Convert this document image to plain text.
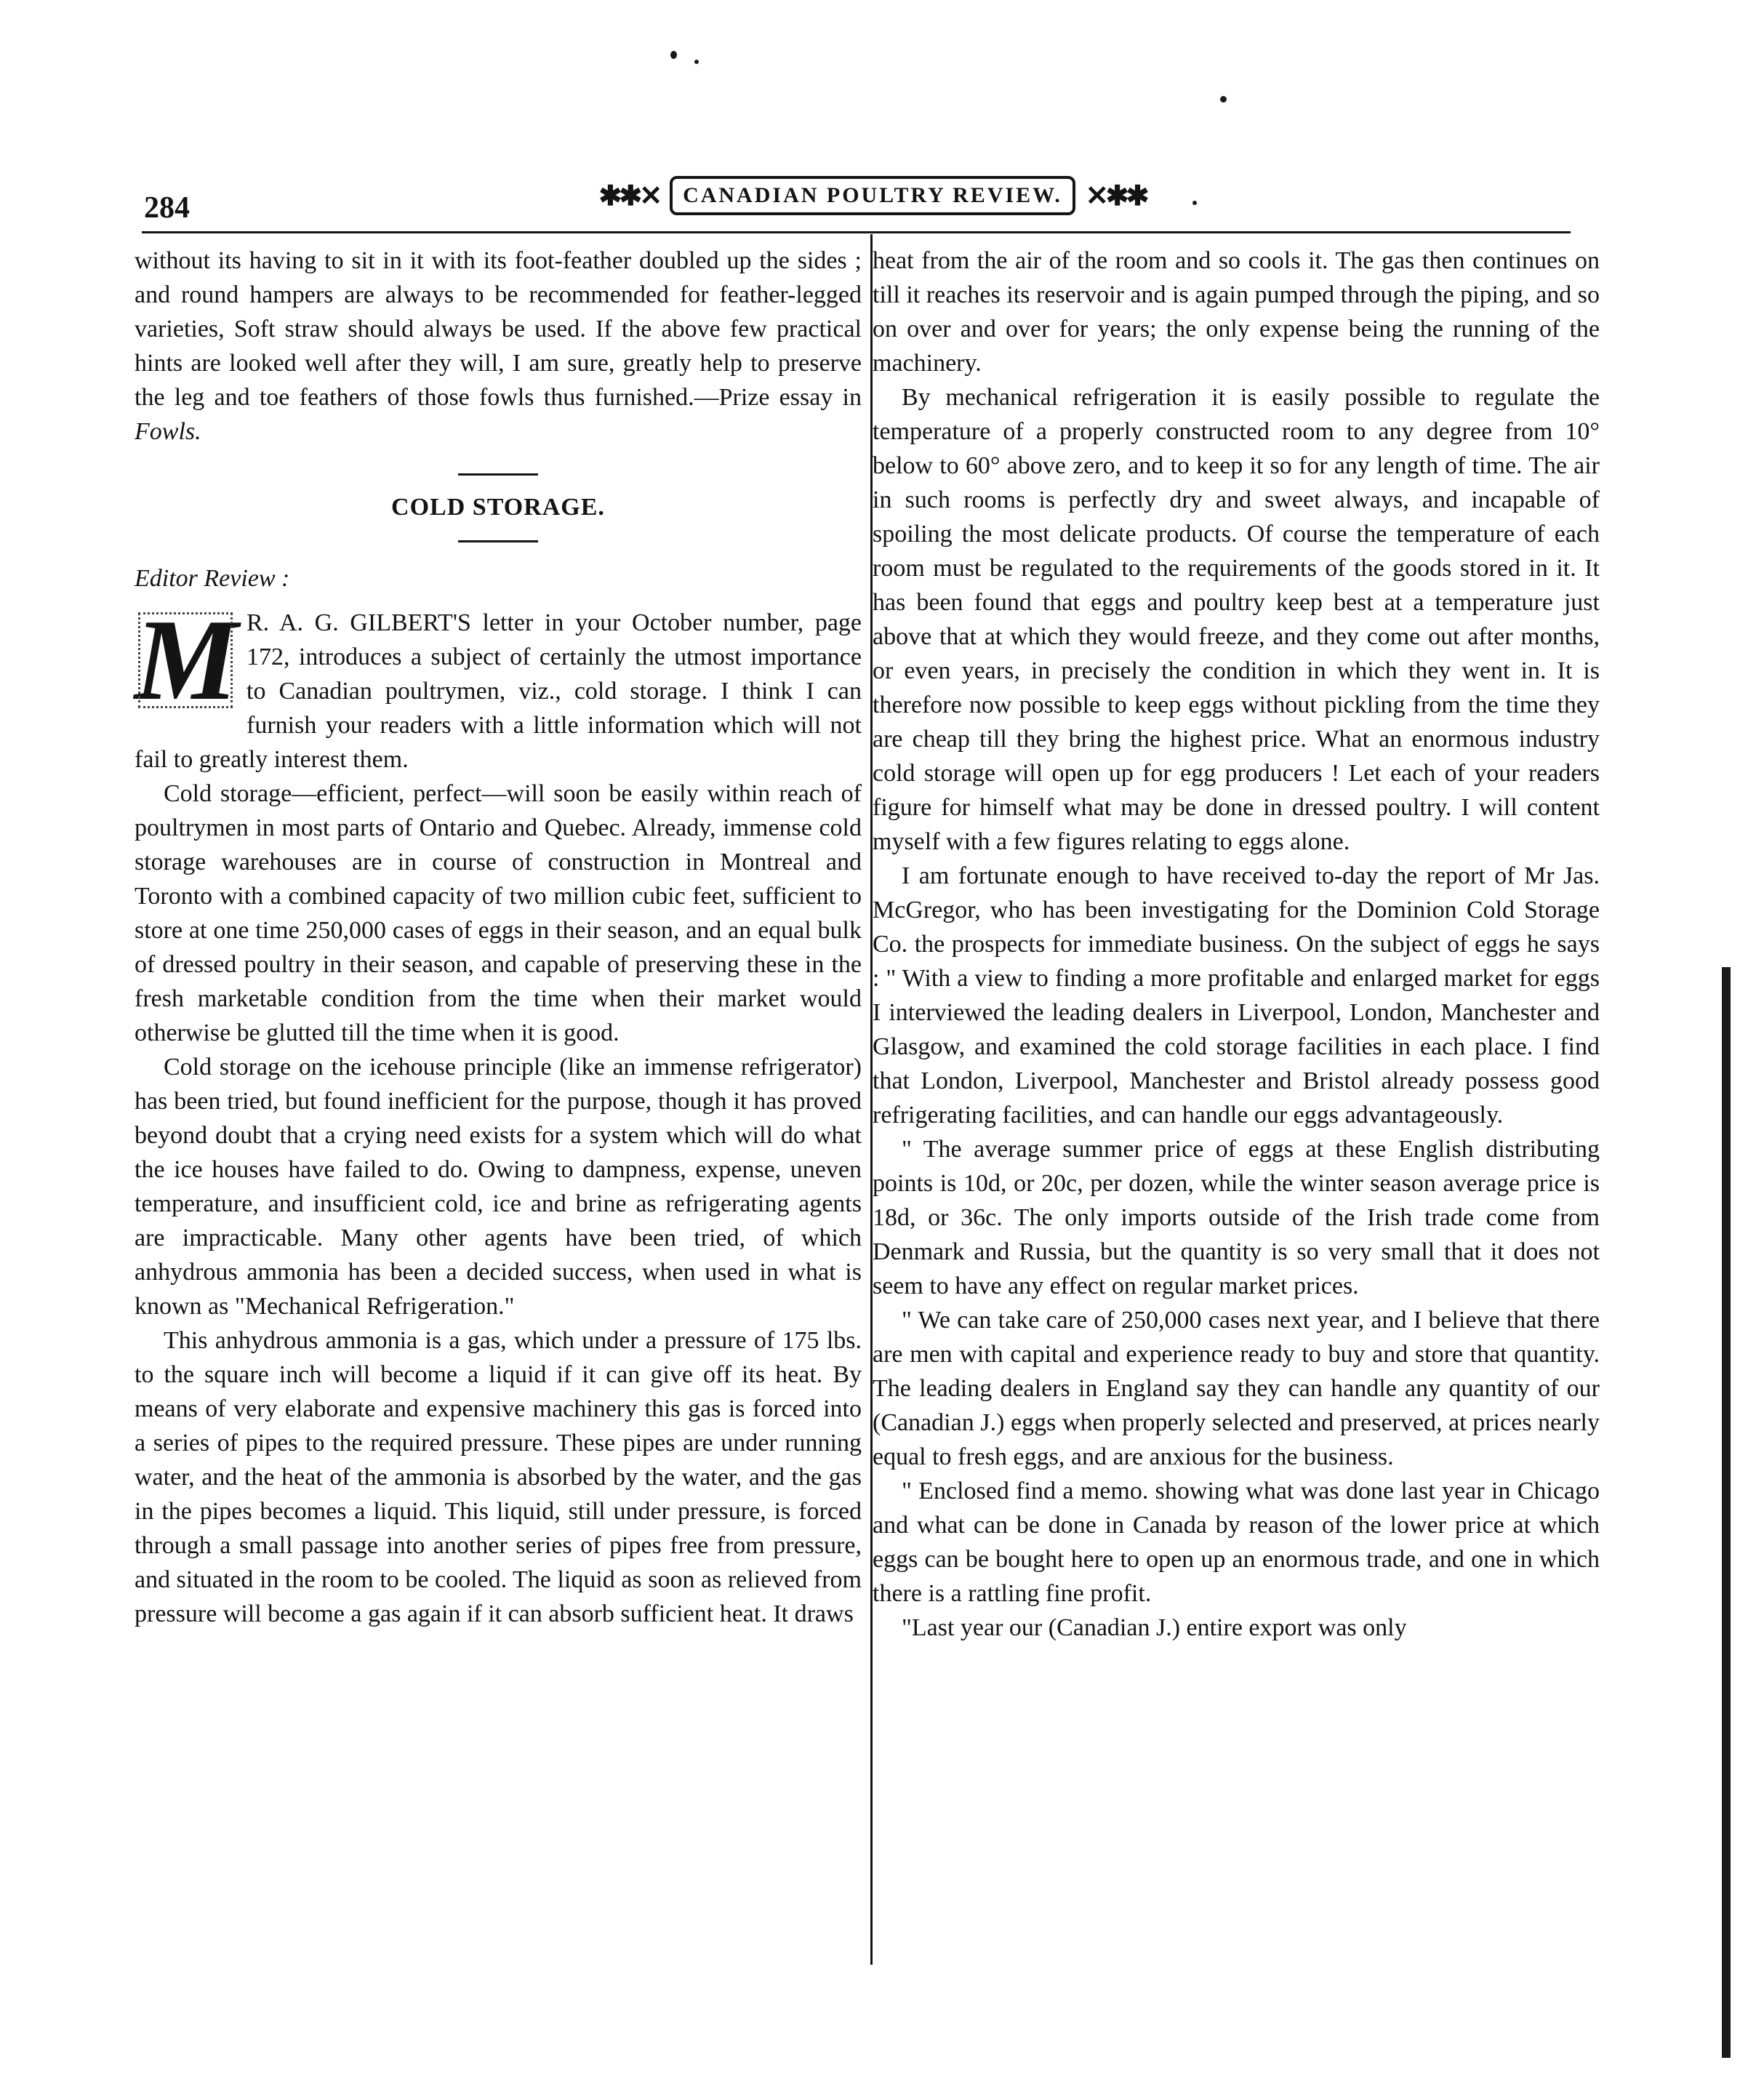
284	✱✱✕	CANADIAN POULTRY REVIEW. ✕✱✱

without its having to sit in it with its foot-feather doubled up the sides ; and round hampers are always to be recommended for feather-legged varieties, Soft straw should always be used. If the above few practical hints are looked well after they will, I am sure, greatly help to preserve the leg and toe feathers of those fowls thus furnished.—Prize essay in Fowls.

COLD STORAGE.
Editor Review :

M R. A. G. GILBERT'S letter in your October number, page 172, introduces a subject of certainly the utmost importance to Canadian poultrymen, viz., cold storage. I think I can furnish your readers with a little information which will not fail to greatly interest them.

Cold storage—efficient, perfect—will soon be easily within reach of poultrymen in most parts of Ontario and Quebec. Already, immense cold storage warehouses are in course of construction in Montreal and Toronto with a combined capacity of two million cubic feet, sufficient to store at one time 250,000 cases of eggs in their season, and an equal bulk of dressed poultry in their season, and capable of preserving these in the fresh marketable condition from the time when their market would otherwise be glutted till the time when it is good.

Cold storage on the icehouse principle (like an immense refrigerator) has been tried, but found inefficient for the purpose, though it has proved beyond doubt that a crying need exists for a system which will do what the ice houses have failed to do. Owing to dampness, expense, uneven temperature, and insufficient cold, ice and brine as refrigerating agents are impracticable. Many other agents have been tried, of which anhydrous ammonia has been a decided success, when used in what is known as "Mechanical Refrigeration."

This anhydrous ammonia is a gas, which under a pressure of 175 lbs. to the square inch will become a liquid if it can give off its heat. By means of very elaborate and expensive machinery this gas is forced into a series of pipes to the required pressure. These pipes are under running water, and the heat of the ammonia is absorbed by the water, and the gas in the pipes becomes a liquid. This liquid, still under pressure, is forced through a small passage into another series of pipes free from pressure, and situated in the room to be cooled. The liquid as soon as relieved from pressure will become a gas again if it can absorb sufficient heat. It draws

heat from the air of the room and so cools it. The gas then continues on till it reaches its reservoir and is again pumped through the piping, and so on over and over for years; the only expense being the running of the machinery.

By mechanical refrigeration it is easily possible to regulate the temperature of a properly constructed room to any degree from 10° below to 60° above zero, and to keep it so for any length of time. The air in such rooms is perfectly dry and sweet always, and incapable of spoiling the most delicate products. Of course the temperature of each room must be regulated to the requirements of the goods stored in it. It has been found that eggs and poultry keep best at a temperature just above that at which they would freeze, and they come out after months, or even years, in precisely the condition in which they went in. It is therefore now possible to keep eggs without pickling from the time they are cheap till they bring the highest price. What an enormous industry cold storage will open up for egg producers ! Let each of your readers figure for himself what may be done in dressed poultry. I will content myself with a few figures relating to eggs alone.

I am fortunate enough to have received to-day the report of Mr Jas. McGregor, who has been investigating for the Dominion Cold Storage Co. the prospects for immediate business. On the subject of eggs he says : " With a view to finding a more profitable and enlarged market for eggs I interviewed the leading dealers in Liverpool, London, Manchester and Glasgow, and examined the cold storage facilities in each place. I find that London, Liverpool, Manchester and Bristol already possess good refrigerating facilities, and can handle our eggs advantageously.

" The average summer price of eggs at these English distributing points is 10d, or 20c, per dozen, while the winter season average price is 18d, or 36c. The only imports outside of the Irish trade come from Denmark and Russia, but the quantity is so very small that it does not seem to have any effect on regular market prices.

" We can take care of 250,000 cases next year, and I believe that there are men with capital and experience ready to buy and store that quantity. The leading dealers in England say they can handle any quantity of our (Canadian J.) eggs when properly selected and preserved, at prices nearly equal to fresh eggs, and are anxious for the business.

" Enclosed find a memo. showing what was done last year in Chicago and what can be done in Canada by reason of the lower price at which eggs can be bought here to open up an enormous trade, and one in which there is a rattling fine profit.

"Last year our (Canadian J.) entire export was only
